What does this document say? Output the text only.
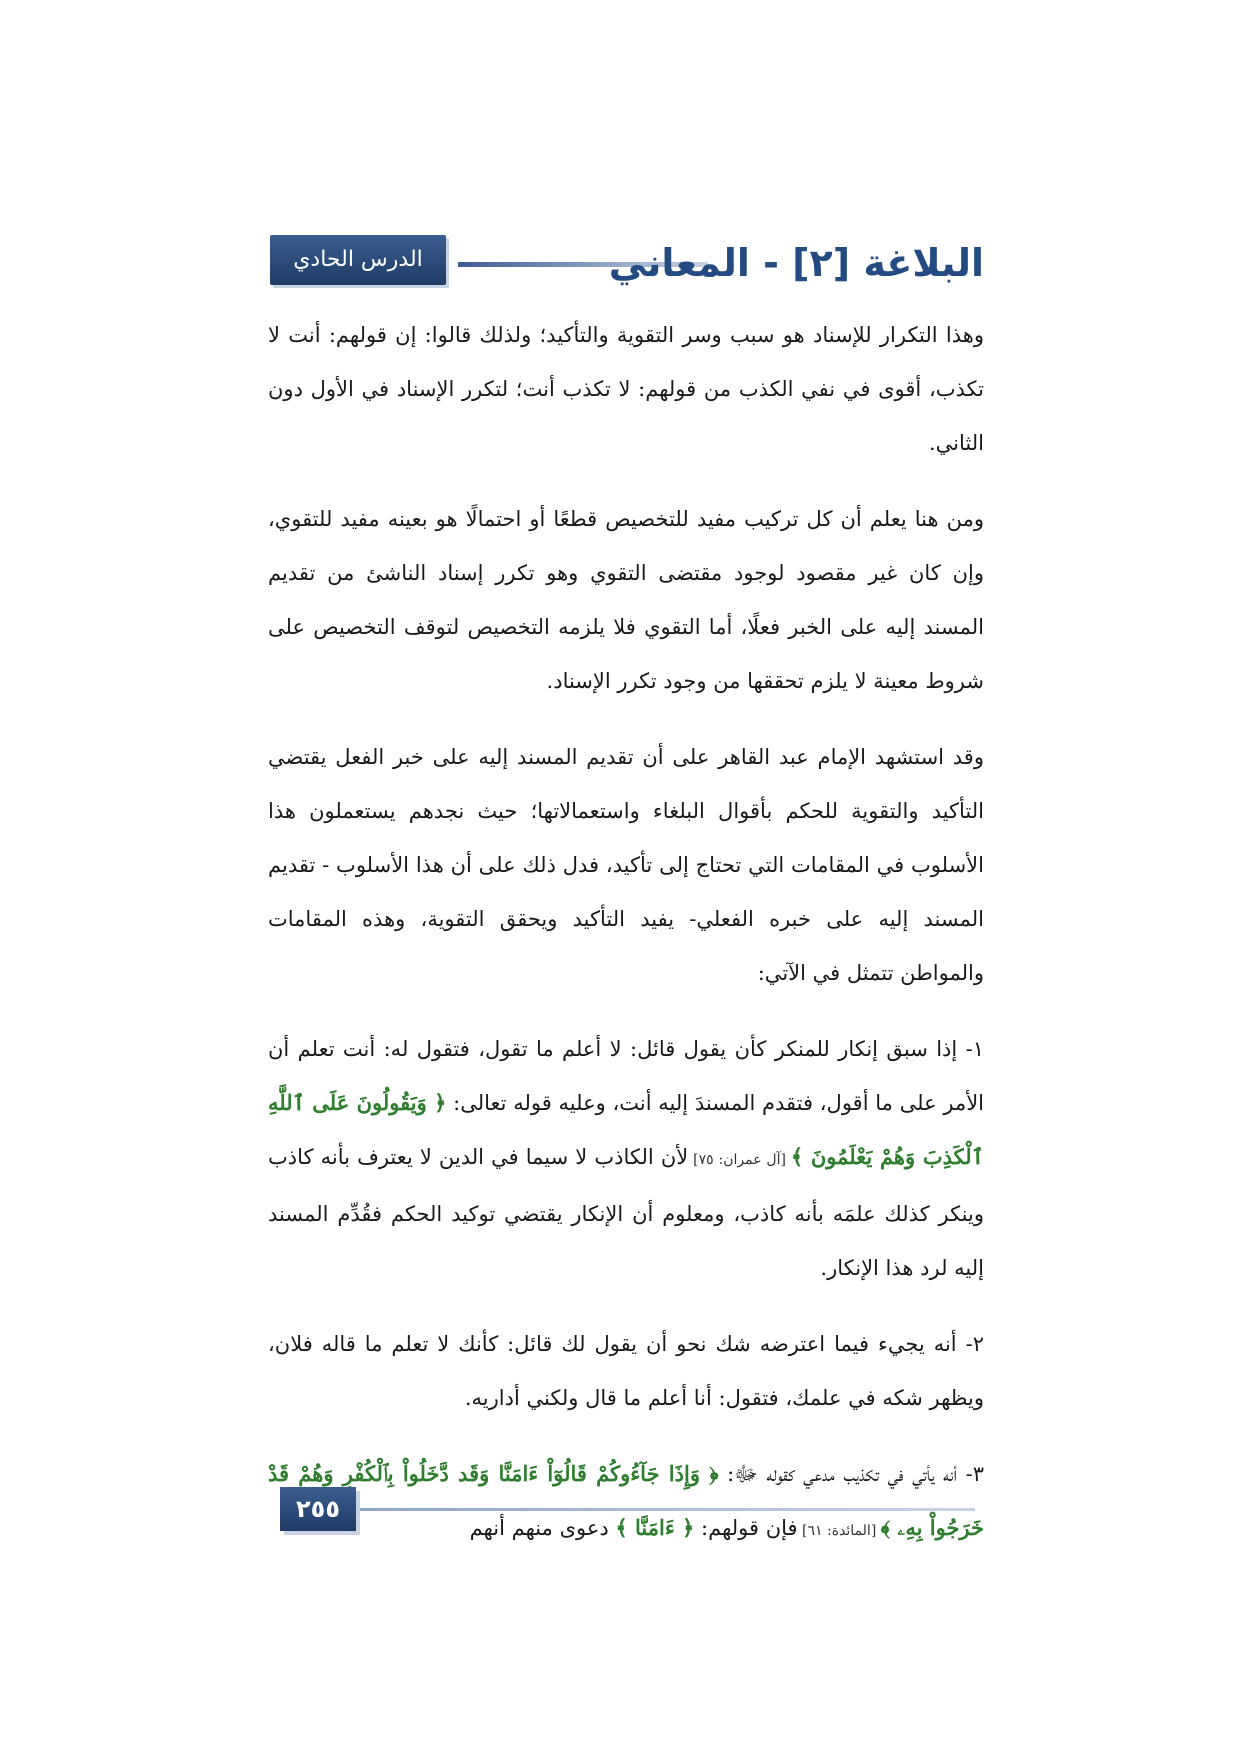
الدرس الحادي عشر
البلاغة [٢] - المعاني

وهذا التكرار للإسناد هو سبب وسر التقوية والتأكيد؛ ولذلك قالوا: إن قولهم: أنت لا تكذب، أقوى في نفي الكذب من قولهم: لا تكذب أنت؛ لتكرر الإسناد في الأول دون الثاني.

ومن هنا يعلم أن كل تركيب مفيد للتخصيص قطعًا أو احتمالًا هو بعينه مفيد للتقوي، وإن كان غير مقصود لوجود مقتضى التقوي وهو تكرر إسناد الناشئ من تقديم المسند إليه على الخبر فعلًا، أما التقوي فلا يلزمه التخصيص لتوقف التخصيص على شروط معينة لا يلزم تحققها من وجود تكرر الإسناد.

وقد استشهد الإمام عبد القاهر على أن تقديم المسند إليه على خبر الفعل يقتضي التأكيد والتقوية للحكم بأقوال البلغاء واستعمالاتها؛ حيث نجدهم يستعملون هذا الأسلوب في المقامات التي تحتاج إلى تأكيد، فدل ذلك على أن هذا الأسلوب - تقديم المسند إليه على خبره الفعلي- يفيد التأكيد ويحقق التقوية، وهذه المقامات والمواطن تتمثل في الآتي:

١- إذا سبق إنكار للمنكر كأن يقول قائل: لا أعلم ما تقول، فتقول له: أنت تعلم أن الأمر على ما أقول، فتقدم المسندَ إليه أنت، وعليه قوله تعالى: ﴿ وَيَقُولُونَ عَلَى ٱللَّهِ ٱلْكَذِبَ وَهُمْ يَعْلَمُونَ ﴾ [آل عمران: ٧٥] لأن الكاذب لا سيما في الدين لا يعترف بأنه كاذب وينكر كذلك علمَه بأنه كاذب، ومعلوم أن الإنكار يقتضي توكيد الحكم فقُدِّم المسند إليه لرد هذا الإنكار.

٢- أنه يجيء فيما اعترضه شك نحو أن يقول لك قائل: كأنك لا تعلم ما قاله فلان، ويظهر شكه في علمك، فتقول: أنا أعلم ما قال ولكني أداريه.

٣- أنه يأتي في تكذيب مدعي كقوله ﷻ: ﴿ وَإِذَا جَآءُوكُمْ قَالُوٓاْ ءَامَنَّا وَقَد دَّخَلُواْ بِٱلْكُفْرِ وَهُمْ قَدْ خَرَجُواْ بِهِۦ ﴾ [المائدة: ٦١] فإن قولهم: ﴿ ءَامَنَّا ﴾ دعوى منهم أنهم

٢٥٥
